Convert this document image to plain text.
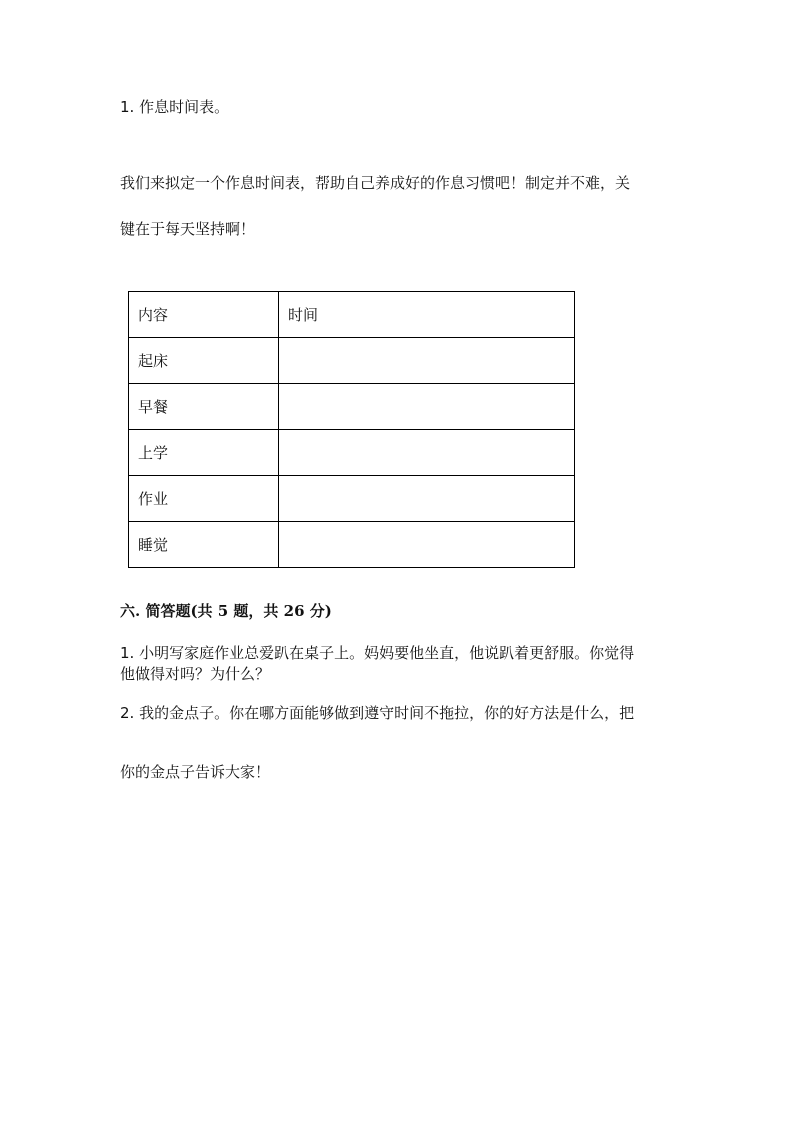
1. 作息时间表。

我们来拟定一个作息时间表，帮助自己养成好的作息习惯吧！制定并不难，关

键在于每天坚持啊！

内容	时间
起床	
早餐	
上学	
作业	
睡觉	

六. 简答题(共 5 题，共 26 分)

1. 小明写家庭作业总爱趴在桌子上。妈妈要他坐直，他说趴着更舒服。你觉得

他做得对吗？为什么？

2. 我的金点子。你在哪方面能够做到遵守时间不拖拉，你的好方法是什么，把

你的金点子告诉大家！
